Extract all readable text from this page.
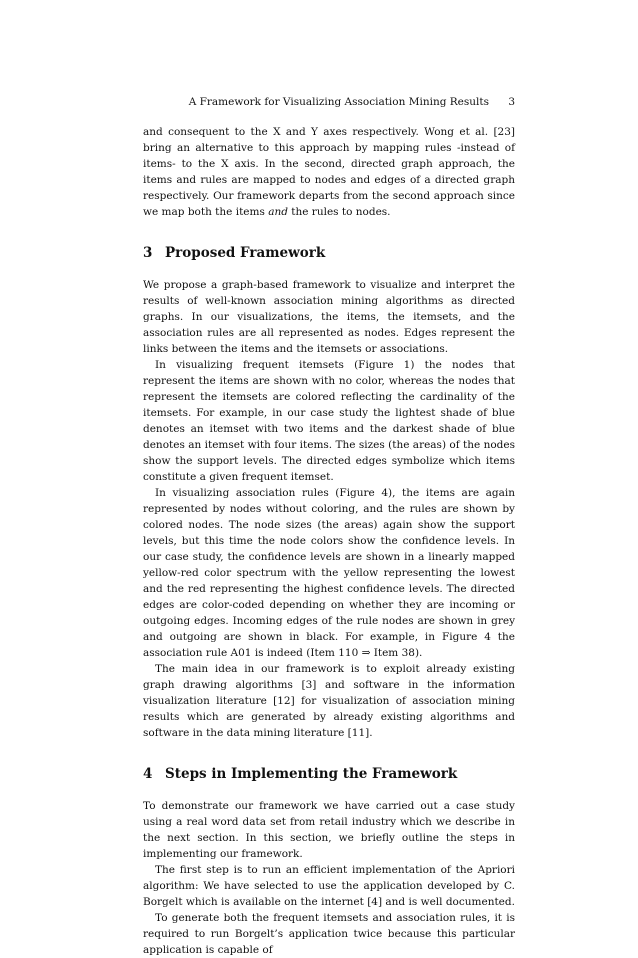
A Framework for Visualizing Association Mining Results 3

and consequent to the X and Y axes respectively. Wong et al. [23] bring an alternative to this approach by mapping rules -instead of items- to the X axis. In the second, directed graph approach, the items and rules are mapped to nodes and edges of a directed graph respectively. Our framework departs from the second approach since we map both the items and the rules to nodes.

3 Proposed Framework

We propose a graph-based framework to visualize and interpret the results of well-known association mining algorithms as directed graphs. In our visualizations, the items, the itemsets, and the association rules are all represented as nodes. Edges represent the links between the items and the itemsets or associations.

In visualizing frequent itemsets (Figure 1) the nodes that represent the items are shown with no color, whereas the nodes that represent the itemsets are colored reflecting the cardinality of the itemsets. For example, in our case study the lightest shade of blue denotes an itemset with two items and the darkest shade of blue denotes an itemset with four items. The sizes (the areas) of the nodes show the support levels. The directed edges symbolize which items constitute a given frequent itemset.

In visualizing association rules (Figure 4), the items are again represented by nodes without coloring, and the rules are shown by colored nodes. The node sizes (the areas) again show the support levels, but this time the node colors show the confidence levels. In our case study, the confidence levels are shown in a linearly mapped yellow-red color spectrum with the yellow representing the lowest and the red representing the highest confidence levels. The directed edges are color-coded depending on whether they are incoming or outgoing edges. Incoming edges of the rule nodes are shown in grey and outgoing are shown in black. For example, in Figure 4 the association rule A01 is indeed (Item 110 ⇒ Item 38).

The main idea in our framework is to exploit already existing graph drawing algorithms [3] and software in the information visualization literature [12] for visualization of association mining results which are generated by already existing algorithms and software in the data mining literature [11].

4 Steps in Implementing the Framework

To demonstrate our framework we have carried out a case study using a real word data set from retail industry which we describe in the next section. In this section, we briefly outline the steps in implementing our framework.

The first step is to run an efficient implementation of the Apriori algorithm: We have selected to use the application developed by C. Borgelt which is available on the internet [4] and is well documented.

To generate both the frequent itemsets and association rules, it is required to run Borgelt’s application twice because this particular application is capable of
